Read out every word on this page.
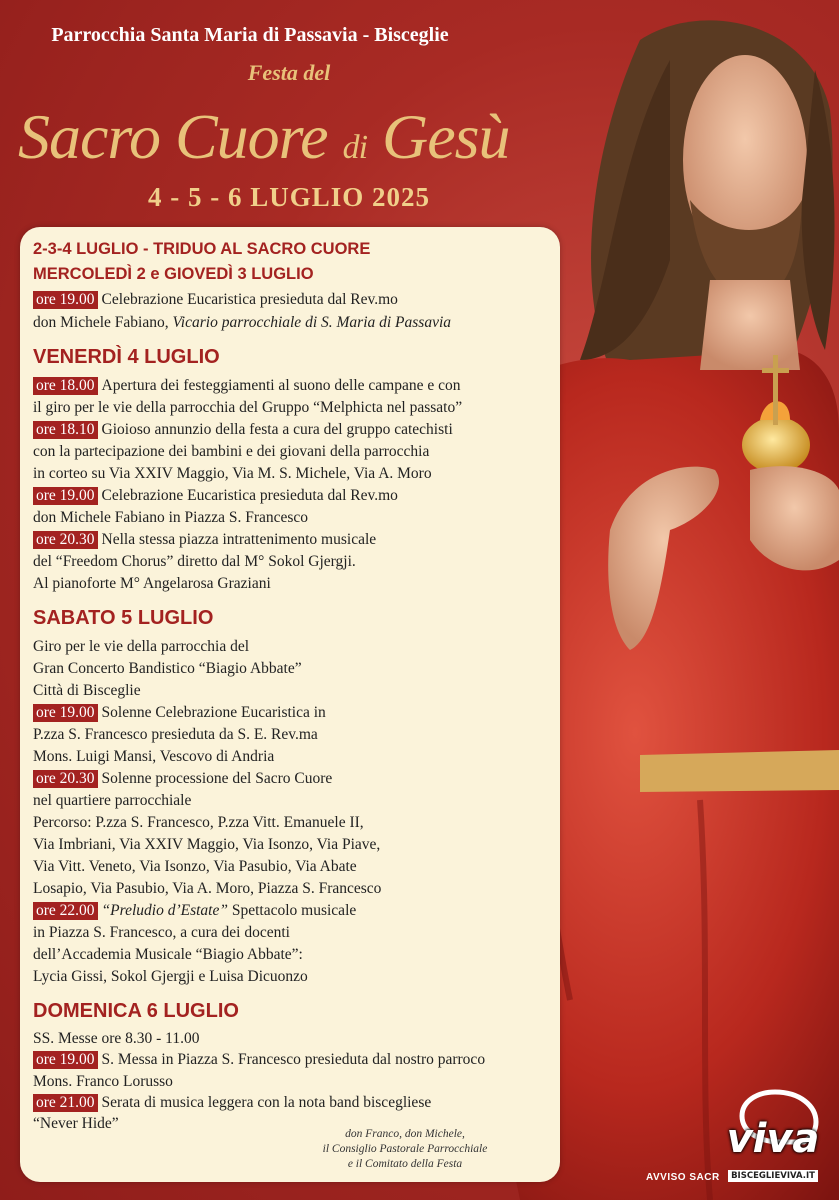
Parrocchia Santa Maria di Passavia - Bisceglie
Festa del
Sacro Cuore di Gesù
4 - 5 - 6 LUGLIO 2025
2-3-4 LUGLIO - TRIDUO AL SACRO CUORE
MERCOLEDÌ 2 e GIOVEDÌ 3 LUGLIO
ore 19.00 Celebrazione Eucaristica presieduta dal Rev.mo
don Michele Fabiano, Vicario parrocchiale di S. Maria di Passavia
VENERDÌ 4 LUGLIO
ore 18.00 Apertura dei festeggiamenti al suono delle campane e con
il giro per le vie della parrocchia del Gruppo “Melphicta nel passato”
ore 18.10 Gioioso annunzio della festa a cura del gruppo catechisti
con la partecipazione dei bambini e dei giovani della parrocchia
in corteo su Via XXIV Maggio, Via M. S. Michele, Via A. Moro
ore 19.00 Celebrazione Eucaristica presieduta dal Rev.mo
don Michele Fabiano in Piazza S. Francesco
ore 20.30 Nella stessa piazza intrattenimento musicale
del “Freedom Chorus” diretto dal M° Sokol Gjergji.
Al pianoforte M° Angelarosa Graziani
SABATO 5 LUGLIO
Giro per le vie della parrocchia del
Gran Concerto Bandistico “Biagio Abbate”
Città di Bisceglie
ore 19.00 Solenne Celebrazione Eucaristica in
P.zza S. Francesco presieduta da S. E. Rev.ma
Mons. Luigi Mansi, Vescovo di Andria
ore 20.30 Solenne processione del Sacro Cuore
nel quartiere parrocchiale
Percorso: P.zza S. Francesco, P.zza Vitt. Emanuele II,
Via Imbriani, Via XXIV Maggio, Via Isonzo, Via Piave,
Via Vitt. Veneto, Via Isonzo, Via Pasubio, Via Abate
Losapio, Via Pasubio, Via A. Moro, Piazza S. Francesco
ore 22.00 “Preludio d’Estate” Spettacolo musicale
in Piazza S. Francesco, a cura dei docenti
dell’Accademia Musicale “Biagio Abbate”:
Lycia Gissi, Sokol Gjergji e Luisa Dicuonzo
DOMENICA 6 LUGLIO
SS. Messe ore 8.30 - 11.00
ore 19.00 S. Messa in Piazza S. Francesco presieduta dal nostro parroco
Mons. Franco Lorusso
ore 21.00 Serata di musica leggera con la nota band biscegliese
“Never Hide”
don Franco, don Michele,
il Consiglio Pastorale Parrocchiale
e il Comitato della Festa
AVVISO SACR
viva
BISCEGLIEVIVA.IT
